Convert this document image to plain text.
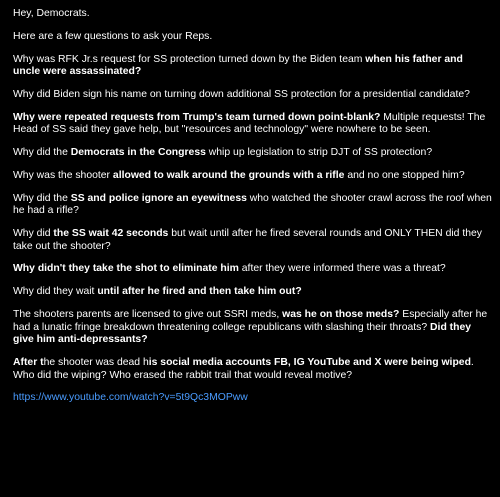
Hey, Democrats.

Here are a few questions to ask your Reps.

Why was RFK Jr.s request for SS protection turned down by the Biden team when his father and uncle were assassinated?

Why did Biden sign his name on turning down additional SS protection for a presidential candidate?

Why were repeated requests from Trump's team turned down point-blank? Multiple requests! The Head of SS said they gave help, but "resources and technology" were nowhere to be seen.

Why did the Democrats in the Congress whip up legislation to strip DJT of SS protection?

Why was the shooter allowed to walk around the grounds with a rifle and no one stopped him?

Why did the SS and police ignore an eyewitness who watched the shooter crawl across the roof when he had a rifle?

Why did the SS wait 42 seconds but wait until after he fired several rounds and ONLY THEN did they take out the shooter?

Why didn't they take the shot to eliminate him after they were informed there was a threat?

Why did they wait until after he fired and then take him out?

The shooters parents are licensed to give out SSRI meds, was he on those meds? Especially after he had a lunatic fringe breakdown threatening college republicans with slashing their throats? Did they give him anti-depressants?

After the shooter was dead his social media accounts FB, IG YouTube and X were being wiped. Who did the wiping? Who erased the rabbit trail that would reveal motive?

https://www.youtube.com/watch?v=5t9Qc3MOPww
